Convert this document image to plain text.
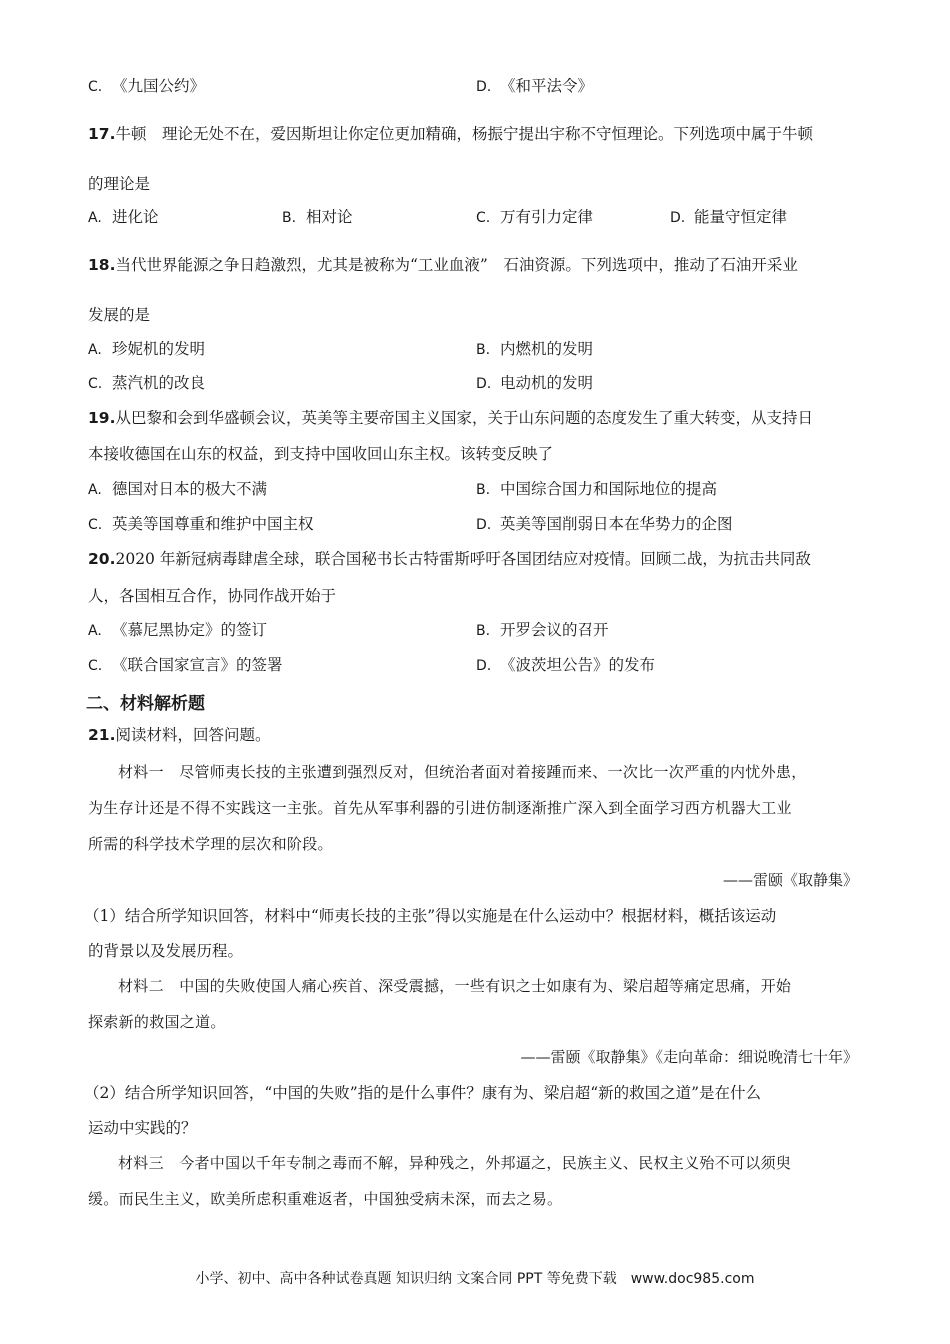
C. 《九国公约》	D. 《和平法令》
17.牛顿　理论无处不在，爱因斯坦让你定位更加精确，杨振宁提出宇称不守恒理论。下列选项中属于牛顿
的理论是
A. 进化论	B. 相对论	C. 万有引力定律	D. 能量守恒定律
18.当代世界能源之争日趋激烈，尤其是被称为“工业血液”　石油资源。下列选项中，推动了石油开采业
发展的是
A. 珍妮机的发明	B. 内燃机的发明
C. 蒸汽机的改良	D. 电动机的发明
19.从巴黎和会到华盛顿会议，英美等主要帝国主义国家，关于山东问题的态度发生了重大转变，从支持日
本接收德国在山东的权益，到支持中国收回山东主权。该转变反映了
A. 德国对日本的极大不满	B. 中国综合国力和国际地位的提高
C. 英美等国尊重和维护中国主权	D. 英美等国削弱日本在华势力的企图
20.2020 年新冠病毒肆虐全球，联合国秘书长古特雷斯呼吁各国团结应对疫情。回顾二战，为抗击共同敌
人，各国相互合作，协同作战开始于
A. 《慕尼黑协定》的签订	B. 开罗会议的召开
C. 《联合国家宣言》的签署	D. 《波茨坦公告》的发布
二、材料解析题
21.阅读材料，回答问题。
材料一　尽管师夷长技的主张遭到强烈反对，但统治者面对着接踵而来、一次比一次严重的内忧外患，
为生存计还是不得不实践这一主张。首先从军事利器的引进仿制逐渐推广深入到全面学习西方机器大工业
所需的科学技术学理的层次和阶段。
——雷颐《取静集》
（1）结合所学知识回答，材料中“师夷长技的主张”得以实施是在什么运动中？根据材料，概括该运动
的背景以及发展历程。
材料二　中国的失败使国人痛心疾首、深受震撼，一些有识之士如康有为、梁启超等痛定思痛，开始
探索新的救国之道。
——雷颐《取静集》《走向革命：细说晚清七十年》
（2）结合所学知识回答，“中国的失败”指的是什么事件？康有为、梁启超“新的救国之道”是在什么
运动中实践的？
材料三　今者中国以千年专制之毒而不解，异种残之，外邦逼之，民族主义、民权主义殆不可以须臾
缓。而民生主义，欧美所虑积重难返者，中国独受病未深，而去之易。
小学、初中、高中各种试卷真题 知识归纳 文案合同 PPT 等免费下载　www.doc985.com
